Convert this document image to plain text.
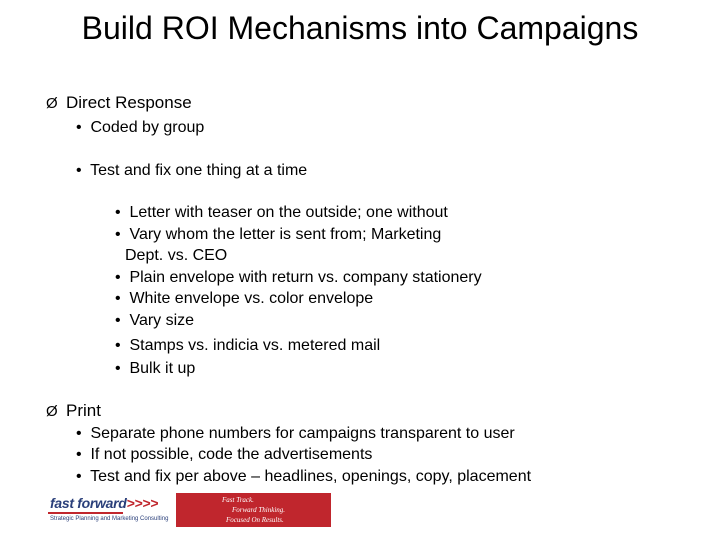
Build ROI Mechanisms into Campaigns
Ø Direct Response
• Coded by group
• Test and fix one thing at a time
• Letter with teaser on the outside; one without
• Vary whom the letter is sent from; Marketing
Dept. vs. CEO
• Plain envelope with return vs. company stationery
• White envelope vs. color envelope
• Vary size
• Stamps vs. indicia vs. metered mail
• Bulk it up
Ø Print
• Separate phone numbers for campaigns transparent to user
• If not possible, code the advertisements
• Test and fix per above – headlines, openings, copy, placement
fast forward>>>>
Strategic Planning and Marketing Consulting
Fast Track.
Forward Thinking.
Focused On Results.
